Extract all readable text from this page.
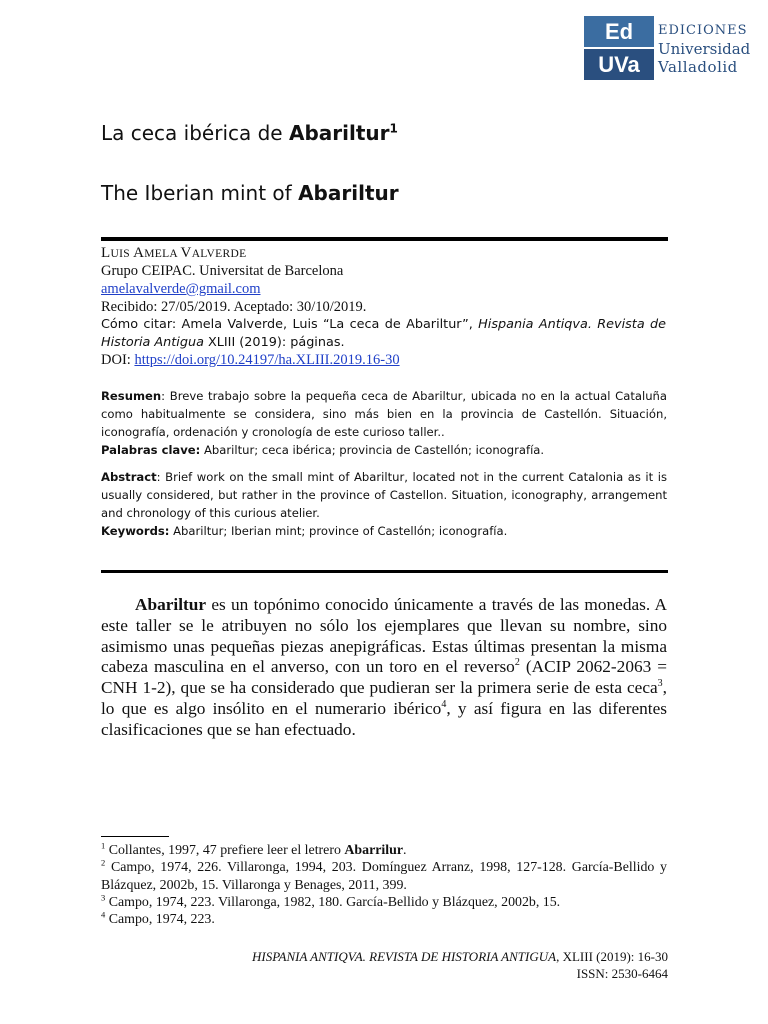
Ed
UVa
EDICIONES
Universidad
Valladolid
La ceca ibérica de Abariltur$^1$
The Iberian mint of Abariltur
LUIS AMELA VALVERDE
Grupo CEIPAC. Universitat de Barcelona
amelavalverde@gmail.com
Recibido: 27/05/2019. Aceptado: 30/10/2019.
Cómo citar: Amela Valverde, Luis “La ceca de Abariltur”, Hispania Antiqva. Revista de Historia Antigua XLIII (2019): páginas.
DOI: https://doi.org/10.24197/ha.XLIII.2019.16-30
Resumen: Breve trabajo sobre la pequeña ceca de Abariltur, ubicada no en la actual Cataluña como habitualmente se considera, sino más bien en la provincia de Castellón. Situación, iconografía, ordenación y cronología de este curioso taller..
Palabras clave: Abariltur; ceca ibérica; provincia de Castellón; iconografía.
Abstract: Brief work on the small mint of Abariltur, located not in the current Catalonia as it is usually considered, but rather in the province of Castellon. Situation, iconography, arrangement and chronology of this curious atelier.
Keywords: Abariltur; Iberian mint; province of Castellón; iconografía.
Abariltur es un topónimo conocido únicamente a través de las monedas. A este taller se le atribuyen no sólo los ejemplares que llevan su nombre, sino asimismo unas pequeñas piezas anepigráficas. Estas últimas presentan la misma cabeza masculina en el anverso, con un toro en el reverso$^2$ (ACIP 2062-2063 = CNH 1-2), que se ha considerado que pudieran ser la primera serie de esta ceca$^3$, lo que es algo insólito en el numerario ibérico$^4$, y así figura en las diferentes clasificaciones que se han efectuado.

$^1$ Collantes, 1997, 47 prefiere leer el letrero Abarrilur.

$^2$ Campo, 1974, 226. Villaronga, 1994, 203. Domínguez Arranz, 1998, 127-128. García-Bellido y Blázquez, 2002b, 15. Villaronga y Benages, 2011, 399.

$^3$ Campo, 1974, 223. Villaronga, 1982, 180. García-Bellido y Blázquez, 2002b, 15.

$^4$ Campo, 1974, 223.

HISPANIA ANTIQVA. REVISTA DE HISTORIA ANTIGUA, XLIII (2019): 16-30
ISSN: 2530-6464
